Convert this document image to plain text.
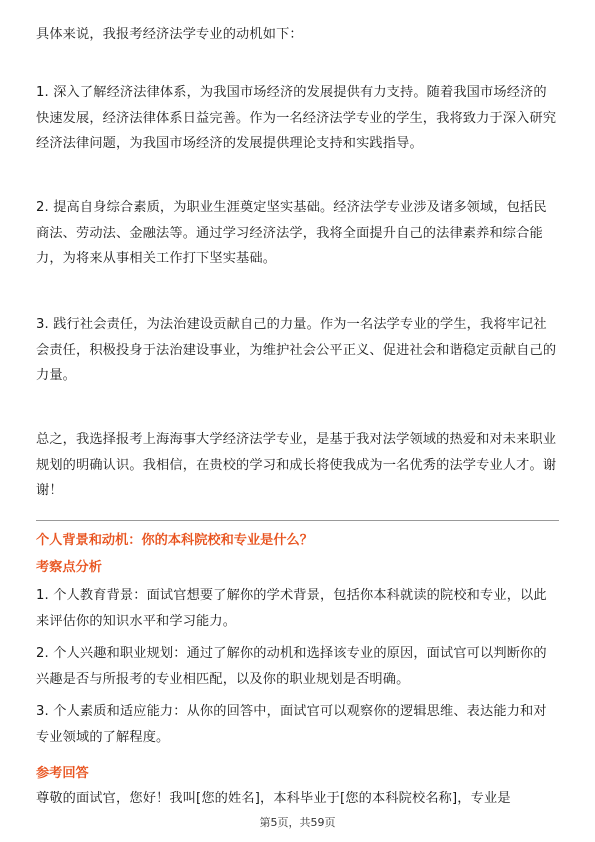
具体来说，我报考经济法学专业的动机如下：

1. 深入了解经济法律体系，为我国市场经济的发展提供有力支持。随着我国市场经济的快速发展，经济法律体系日益完善。作为一名经济法学专业的学生，我将致力于深入研究经济法律问题，为我国市场经济的发展提供理论支持和实践指导。

2. 提高自身综合素质，为职业生涯奠定坚实基础。经济法学专业涉及诸多领域，包括民商法、劳动法、金融法等。通过学习经济法学，我将全面提升自己的法律素养和综合能力，为将来从事相关工作打下坚实基础。

3. 践行社会责任，为法治建设贡献自己的力量。作为一名法学专业的学生，我将牢记社会责任，积极投身于法治建设事业，为维护社会公平正义、促进社会和谐稳定贡献自己的力量。

总之，我选择报考上海海事大学经济法学专业，是基于我对法学领域的热爱和对未来职业规划的明确认识。我相信，在贵校的学习和成长将使我成为一名优秀的法学专业人才。谢谢！

个人背景和动机：你的本科院校和专业是什么？

考察点分析

1. 个人教育背景：面试官想要了解你的学术背景，包括你本科就读的院校和专业，以此来评估你的知识水平和学习能力。

2. 个人兴趣和职业规划：通过了解你的动机和选择该专业的原因，面试官可以判断你的兴趣是否与所报考的专业相匹配，以及你的职业规划是否明确。

3. 个人素质和适应能力：从你的回答中，面试官可以观察你的逻辑思维、表达能力和对专业领域的了解程度。

参考回答

尊敬的面试官，您好！我叫[您的姓名]，本科毕业于[您的本科院校名称]，专业是

第5页，共59页
